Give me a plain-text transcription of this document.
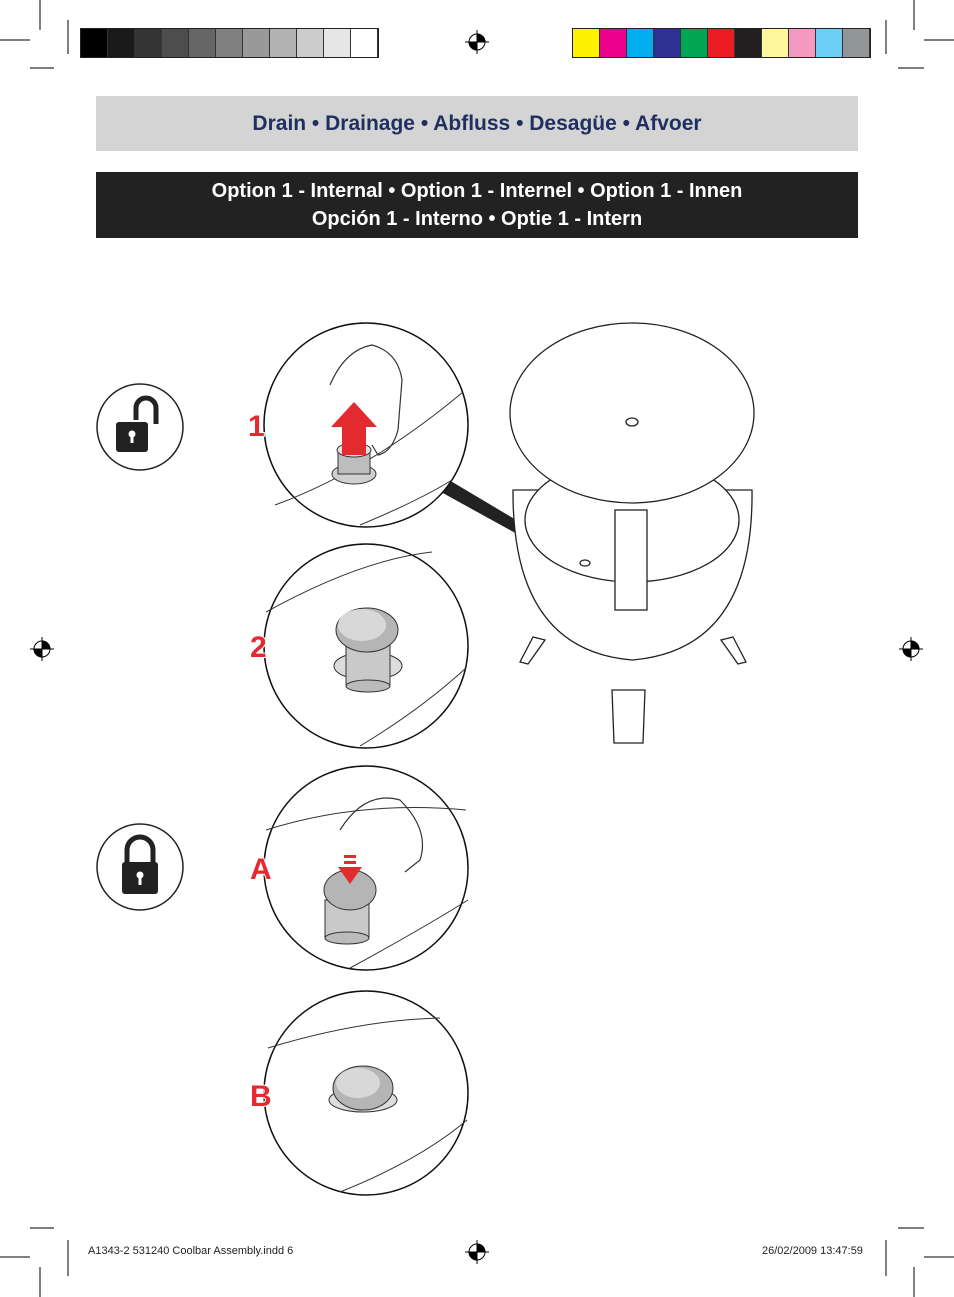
Drain • Drainage • Abfluss • Desagüe • Afvoer
Option 1 - Internal • Option 1 - Internel • Option 1 - Innen
Opción 1 - Interno • Optie 1 - Intern
1
2
A
B
A1343-2 531240 Coolbar Assembly.indd 6	26/02/2009 13:47:59
